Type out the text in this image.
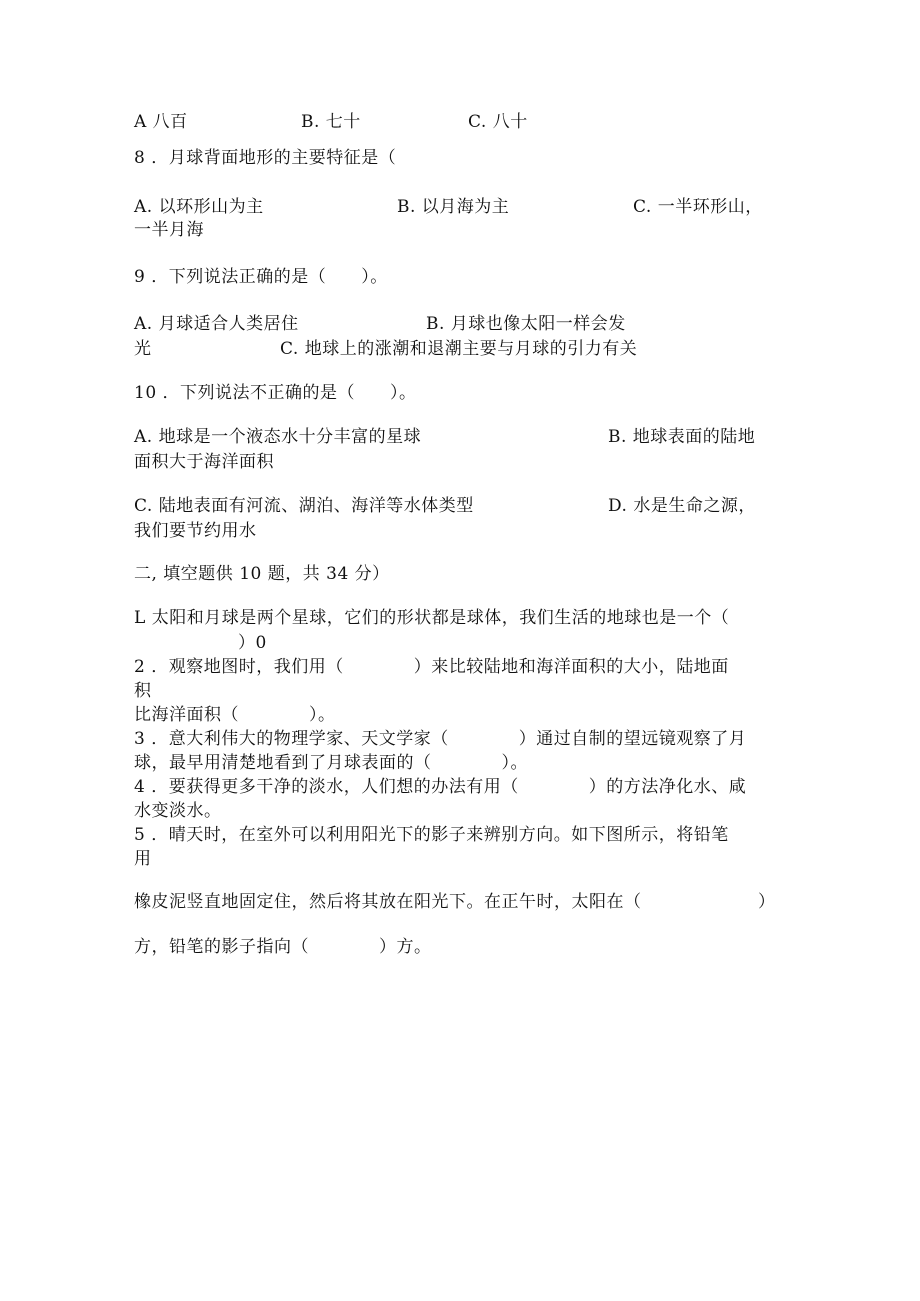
A 八百	B. 七十	C. 八十
8 ．月球背面地形的主要特征是（
A. 以环形山为主	B. 以月海为主	C. 一半环形山，
一半月海
9 ．下列说法正确的是（　　）。
A. 月球适合人类居住	B. 月球也像太阳一样会发
光	C. 地球上的涨潮和退潮主要与月球的引力有关
10 ．下列说法不正确的是（　　）。
A. 地球是一个液态水十分丰富的星球	B. 地球表面的陆地
面积大于海洋面积
C. 陆地表面有河流、湖泊、海洋等水体类型	D. 水是生命之源，
我们要节约用水
二, 填空题供 10 题，共 34 分）
L 太阳和月球是两个星球，它们的形状都是球体，我们生活的地球也是一个（
）0
2 ．观察地图时，我们用（　　　　）来比较陆地和海洋面积的大小，陆地面
积
比海洋面积（　　　　）。
3 ．意大利伟大的物理学家、天文学家（　　　　）通过自制的望远镜观察了月
球，最早用清楚地看到了月球表面的（　　　　）。
4 ．要获得更多干净的淡水，人们想的办法有用（　　　　）的方法净化水、咸
水变淡水。
5 ．晴天时，在室外可以利用阳光下的影子来辨别方向。如下图所示，将铅笔
用
橡皮泥竖直地固定住，然后将其放在阳光下。在正午时，太阳在（	）
方，铅笔的影子指向（　　　　）方。
